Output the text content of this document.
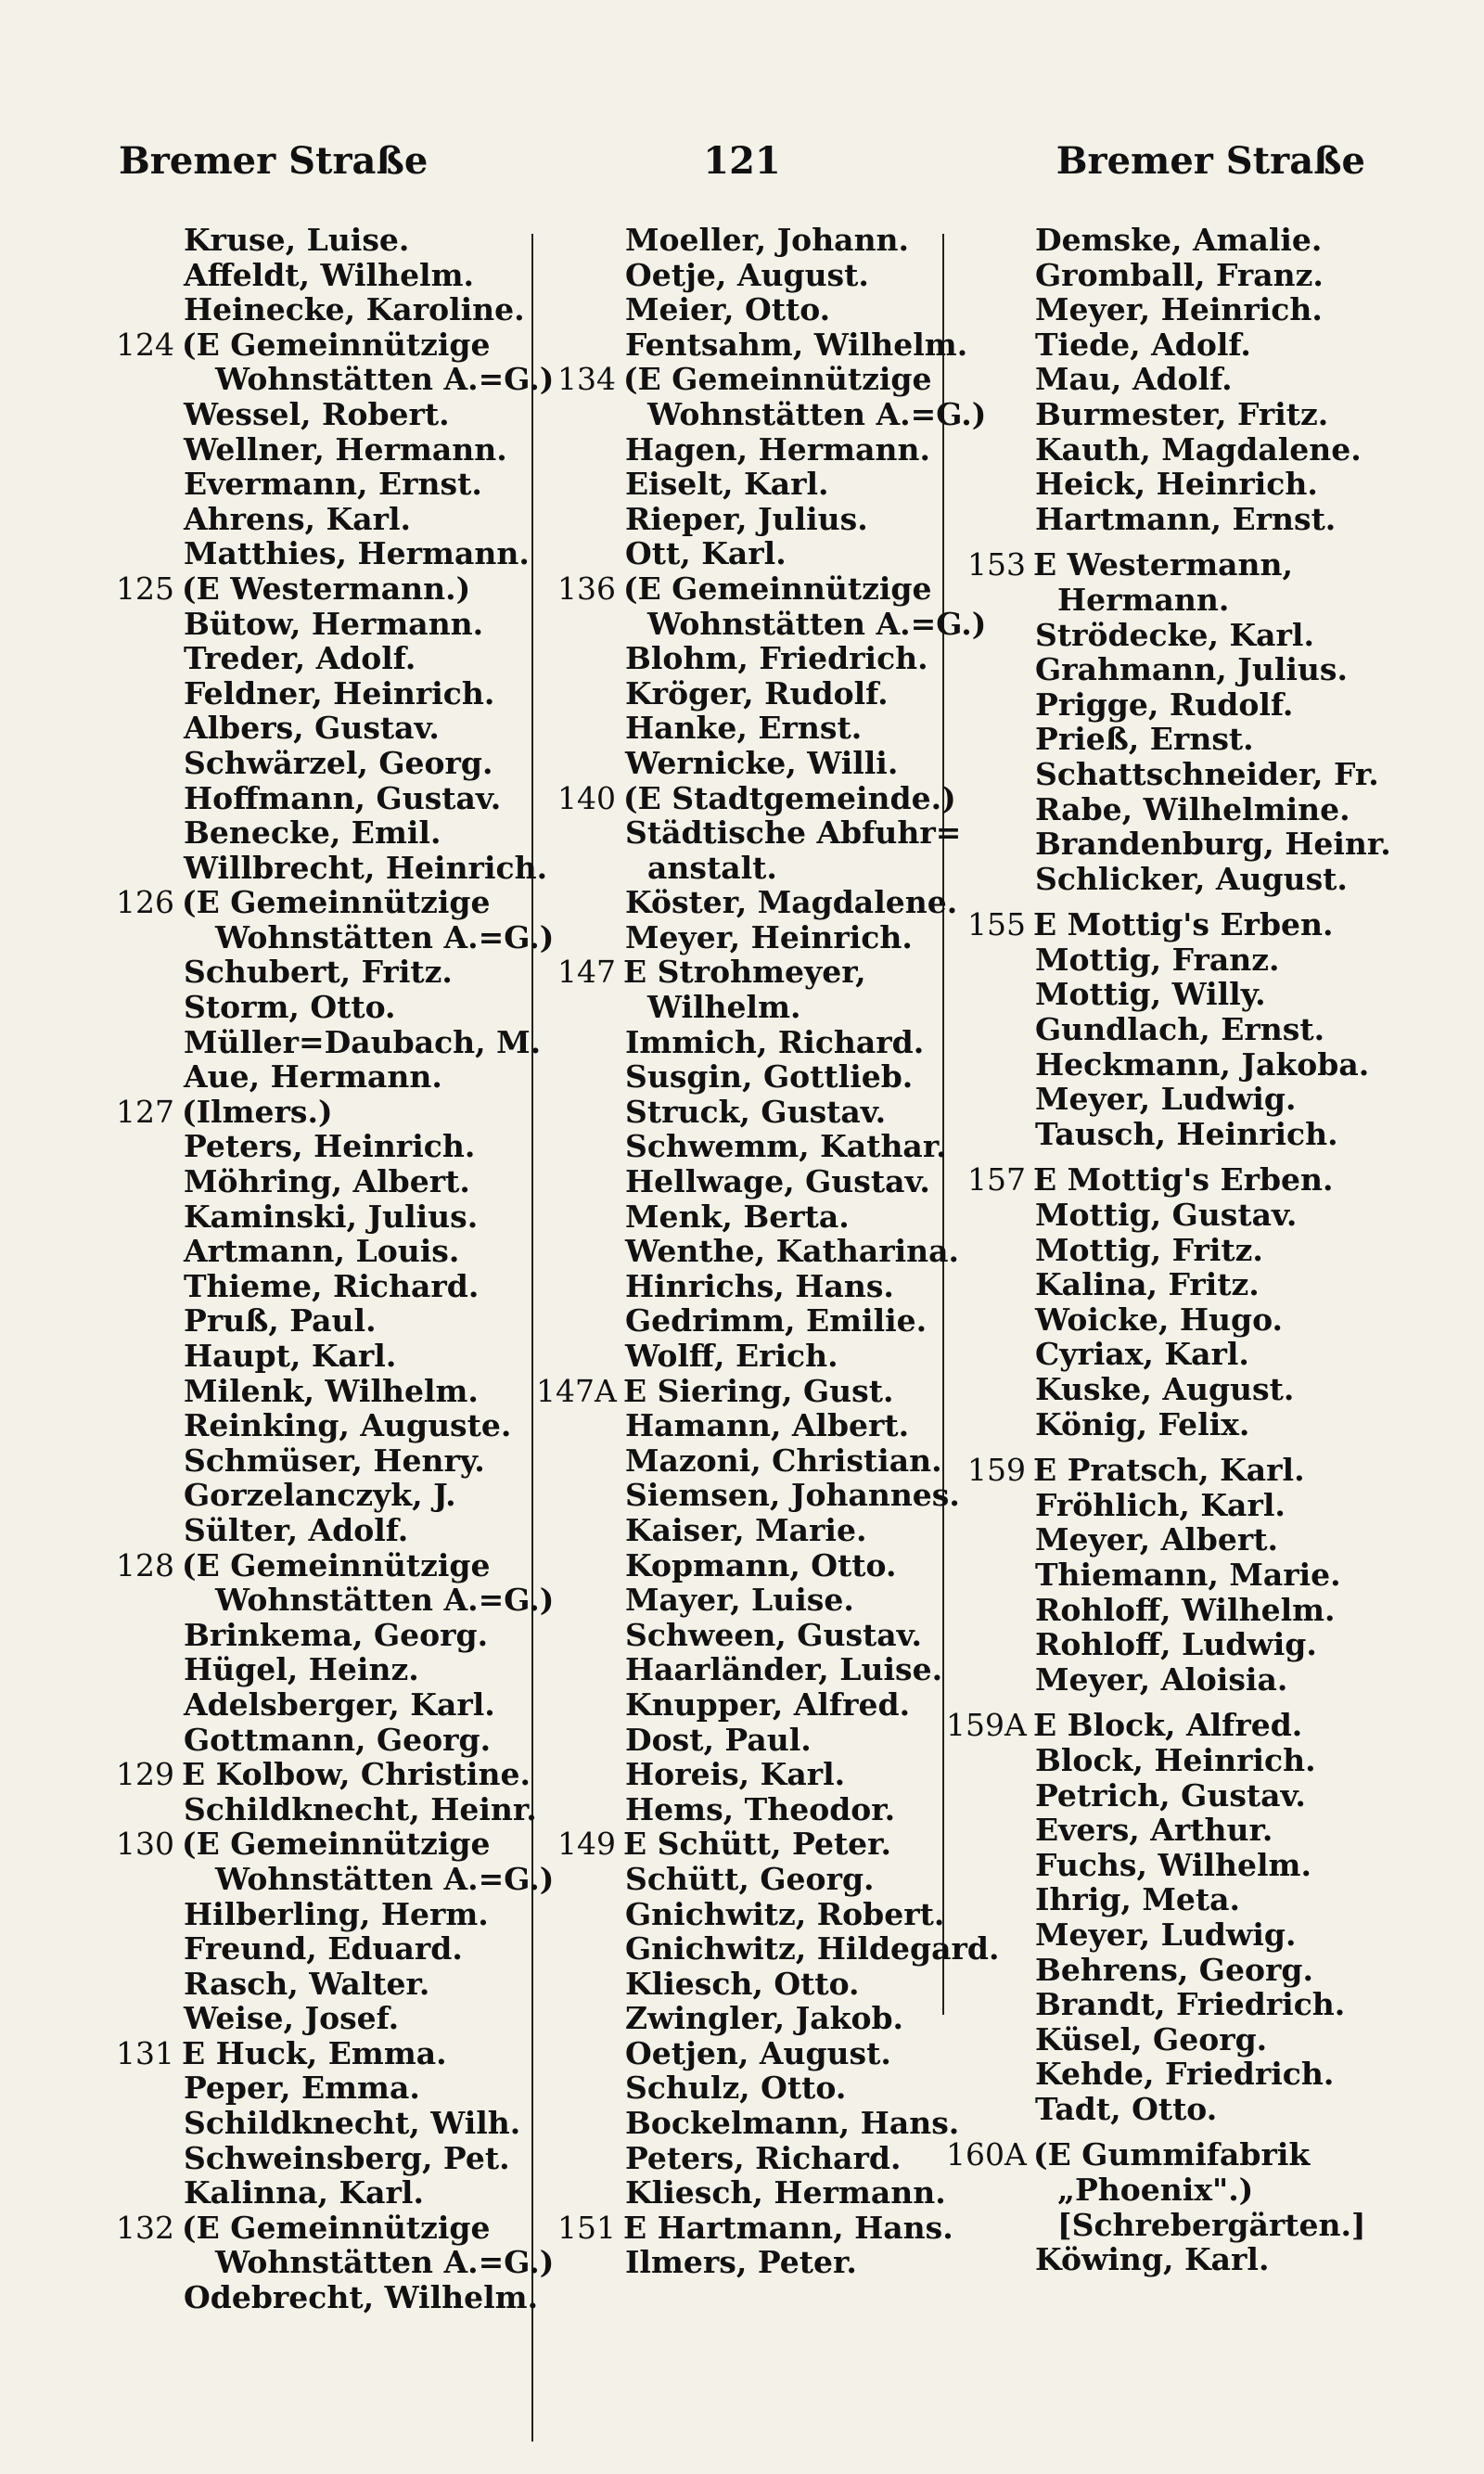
Bremer Straße	121	Bremer Straße
Kruse, Luise.
Affeldt, Wilhelm.
Heinecke, Karoline.
124 (E Gemeinnützige
Wohnstätten A.=G.)
Wessel, Robert.
Wellner, Hermann.
Evermann, Ernst.
Ahrens, Karl.
Matthies, Hermann.
125 (E Westermann.)
Bütow, Hermann.
Treder, Adolf.
Feldner, Heinrich.
Albers, Gustav.
Schwärzel, Georg.
Hoffmann, Gustav.
Benecke, Emil.
Willbrecht, Heinrich.
126 (E Gemeinnützige
Wohnstätten A.=G.)
Schubert, Fritz.
Storm, Otto.
Müller=Daubach, M.
Aue, Hermann.
127 (Ilmers.)
Peters, Heinrich.
Möhring, Albert.
Kaminski, Julius.
Artmann, Louis.
Thieme, Richard.
Pruß, Paul.
Haupt, Karl.
Milenk, Wilhelm.
Reinking, Auguste.
Schmüser, Henry.
Gorzelanczyk, J.
Sülter, Adolf.
128 (E Gemeinnützige
Wohnstätten A.=G.)
Brinkema, Georg.
Hügel, Heinz.
Adelsberger, Karl.
Gottmann, Georg.
129 E Kolbow, Christine.
Schildknecht, Heinr.
130 (E Gemeinnützige
Wohnstätten A.=G.)
Hilberling, Herm.
Freund, Eduard.
Rasch, Walter.
Weise, Josef.
131 E Huck, Emma.
Peper, Emma.
Schildknecht, Wilh.
Schweinsberg, Pet.
Kalinna, Karl.
132 (E Gemeinnützige
Wohnstätten A.=G.)
Odebrecht, Wilhelm.
Moeller, Johann.
Oetje, August.
Meier, Otto.
Fentsahm, Wilhelm.
134 (E Gemeinnützige
Wohnstätten A.=G.)
Hagen, Hermann.
Eiselt, Karl.
Rieper, Julius.
Ott, Karl.
136 (E Gemeinnützige
Wohnstätten A.=G.)
Blohm, Friedrich.
Kröger, Rudolf.
Hanke, Ernst.
Wernicke, Willi.
140 (E Stadtgemeinde.)
Städtische Abfuhr=
anstalt.
Köster, Magdalene.
Meyer, Heinrich.
147 E Strohmeyer,
Wilhelm.
Immich, Richard.
Susgin, Gottlieb.
Struck, Gustav.
Schwemm, Kathar.
Hellwage, Gustav.
Menk, Berta.
Wenthe, Katharina.
Hinrichs, Hans.
Gedrimm, Emilie.
Wolff, Erich.
147A E Siering, Gust.
Hamann, Albert.
Mazoni, Christian.
Siemsen, Johannes.
Kaiser, Marie.
Kopmann, Otto.
Mayer, Luise.
Schween, Gustav.
Haarländer, Luise.
Knupper, Alfred.
Dost, Paul.
Horeis, Karl.
Hems, Theodor.
149 E Schütt, Peter.
Schütt, Georg.
Gnichwitz, Robert.
Gnichwitz, Hildegard.
Kliesch, Otto.
Zwingler, Jakob.
Oetjen, August.
Schulz, Otto.
Bockelmann, Hans.
Peters, Richard.
Kliesch, Hermann.
151 E Hartmann, Hans.
Ilmers, Peter.
Demske, Amalie.
Gromball, Franz.
Meyer, Heinrich.
Tiede, Adolf.
Mau, Adolf.
Burmester, Fritz.
Kauth, Magdalene.
Heick, Heinrich.
Hartmann, Ernst.
153 E Westermann,
Hermann.
Strödecke, Karl.
Grahmann, Julius.
Prigge, Rudolf.
Prieß, Ernst.
Schattschneider, Fr.
Rabe, Wilhelmine.
Brandenburg, Heinr.
Schlicker, August.
155 E Mottig's Erben.
Mottig, Franz.
Mottig, Willy.
Gundlach, Ernst.
Heckmann, Jakoba.
Meyer, Ludwig.
Tausch, Heinrich.
157 E Mottig's Erben.
Mottig, Gustav.
Mottig, Fritz.
Kalina, Fritz.
Woicke, Hugo.
Cyriax, Karl.
Kuske, August.
König, Felix.
159 E Pratsch, Karl.
Fröhlich, Karl.
Meyer, Albert.
Thiemann, Marie.
Rohloff, Wilhelm.
Rohloff, Ludwig.
Meyer, Aloisia.
159A E Block, Alfred.
Block, Heinrich.
Petrich, Gustav.
Evers, Arthur.
Fuchs, Wilhelm.
Ihrig, Meta.
Meyer, Ludwig.
Behrens, Georg.
Brandt, Friedrich.
Küsel, Georg.
Kehde, Friedrich.
Tadt, Otto.
160A (E Gummifabrik
„Phoenix".)
[Schrebergärten.]
Köwing, Karl.
